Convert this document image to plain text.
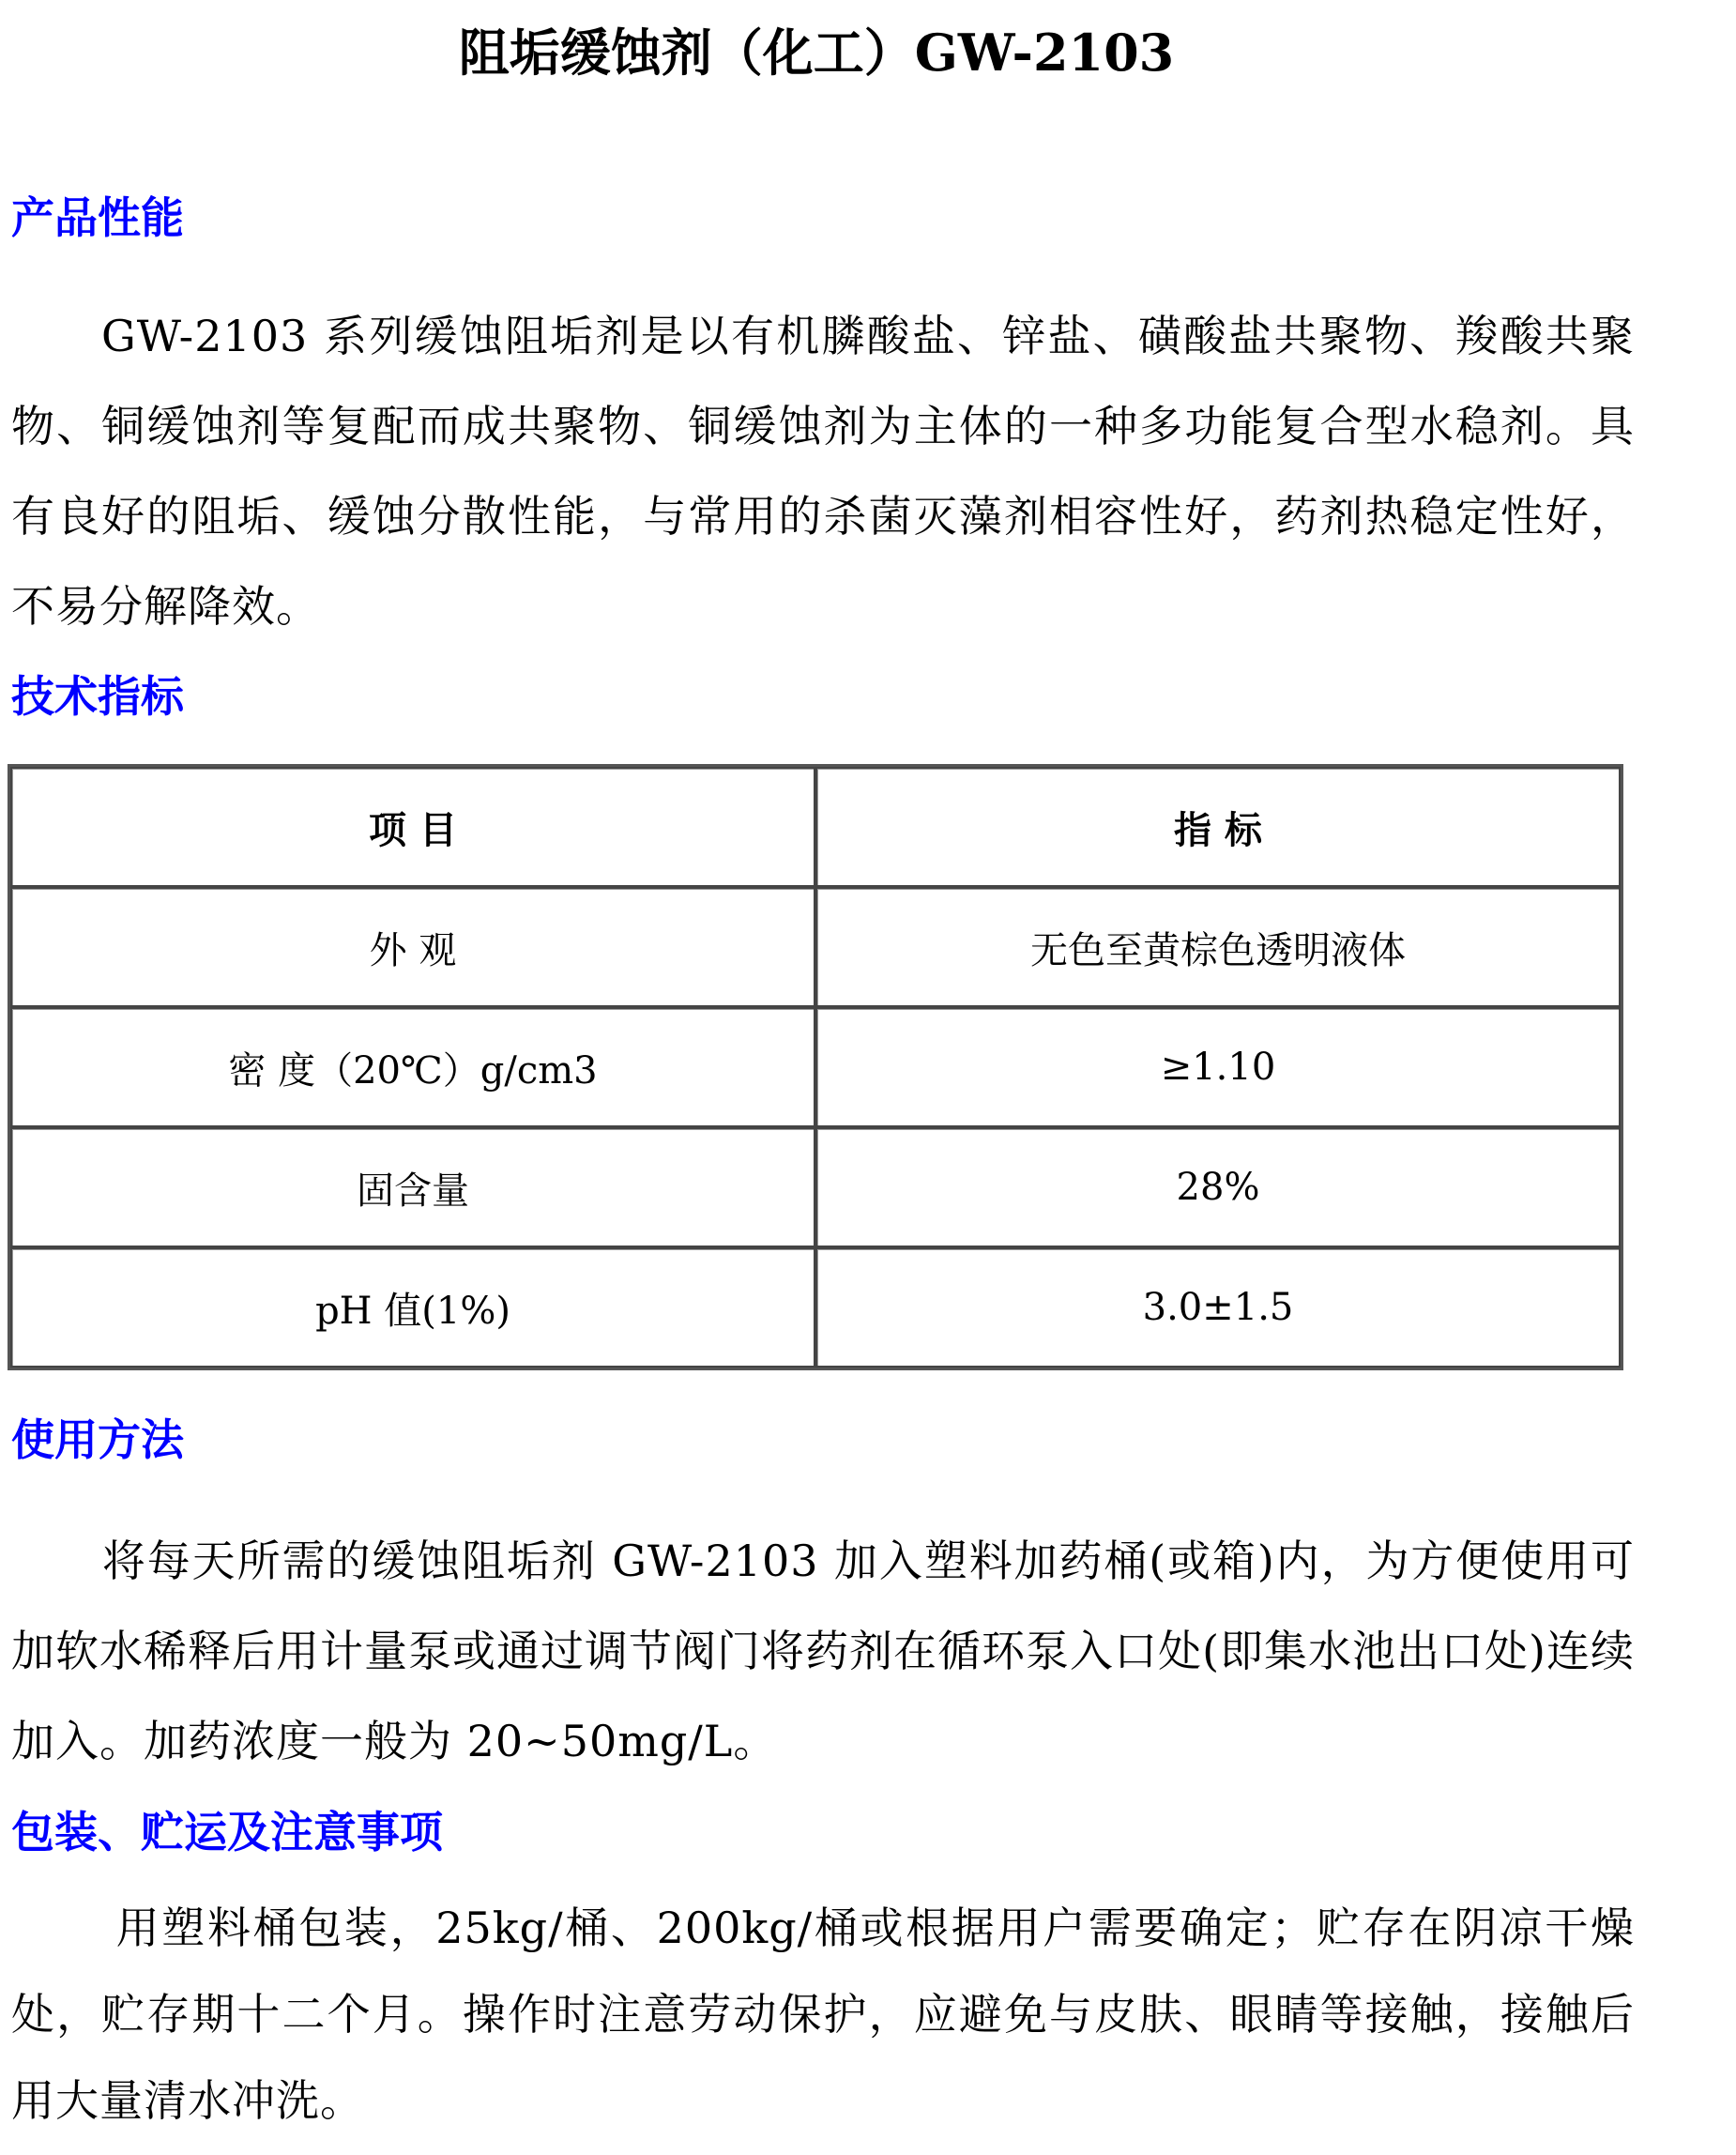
阻垢缓蚀剂（化工）GW-2103
产品性能

GW-2103 系列缓蚀阻垢剂是以有机膦酸盐、锌盐、磺酸盐共聚物、羧酸共聚物、铜缓蚀剂等复配而成共聚物、铜缓蚀剂为主体的一种多功能复合型水稳剂。具有良好的阻垢、缓蚀分散性能，与常用的杀菌灭藻剂相容性好，药剂热稳定性好，不易分解降效。

技术指标
项 目	指 标
外 观	无色至黄棕色透明液体
密 度（20℃）g/cm3	≥1.10
固含量	28%
pH 值(1%)	3.0±1.5
使用方法

将每天所需的缓蚀阻垢剂 GW-2103 加入塑料加药桶(或箱)内，为方便使用可加软水稀释后用计量泵或通过调节阀门将药剂在循环泵入口处(即集水池出口处)连续加入。加药浓度一般为 20~50mg/L。

包装、贮运及注意事项

用塑料桶包装，25kg/桶、200kg/桶或根据用户需要确定；贮存在阴凉干燥处，贮存期十二个月。操作时注意劳动保护，应避免与皮肤、眼睛等接触，接触后用大量清水冲洗。
